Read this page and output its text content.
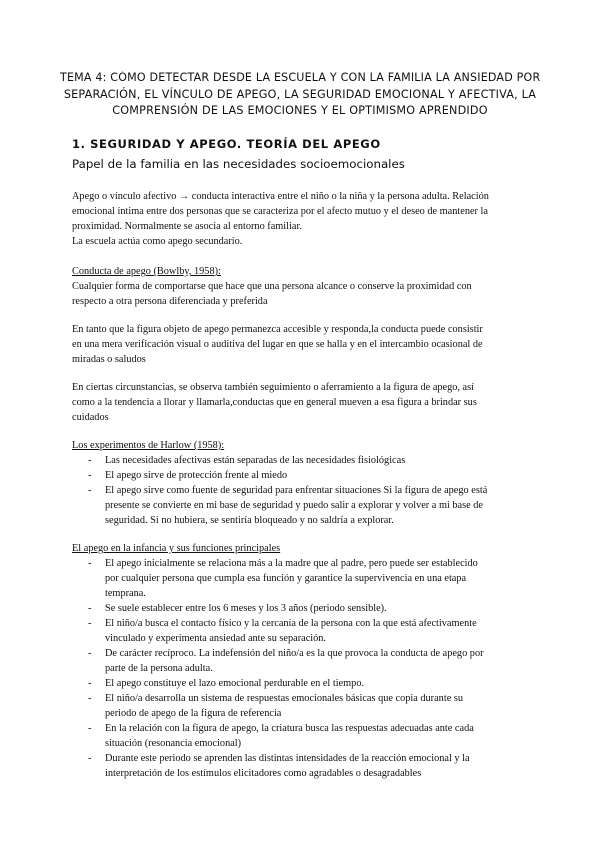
TEMA 4: CÓMO DETECTAR DESDE LA ESCUELA Y CON LA FAMILIA LA ANSIEDAD POR
SEPARACIÓN, EL VÍNCULO DE APEGO, LA SEGURIDAD EMOCIONAL Y AFECTIVA, LA
COMPRENSIÓN DE LAS EMOCIONES Y EL OPTIMISMO APRENDIDO
1. SEGURIDAD Y APEGO. TEORÍA DEL APEGO
Papel de la familia en las necesidades socioemocionales
Apego o vínculo afectivo → conducta interactiva entre el niño o la niña y la persona adulta. Relación
emocional íntima entre dos personas que se caracteriza por el afecto mutuo y el deseo de mantener la
proximidad. Normalmente se asocia al entorno familiar.
La escuela actúa como apego secundario.
Conducta de apego (Bowlby, 1958):
Cualquier forma de comportarse que hace que una persona alcance o conserve la proximidad con
respecto a otra persona diferenciada y preferida
En tanto que la figura objeto de apego permanezca accesible y responda,la conducta puede consistir
en una mera verificación visual o auditiva del lugar en que se halla y en el intercambio ocasional de
miradas o saludos
En ciertas circunstancias, se observa también seguimiento o aferramiento a la figura de apego, así
como a la tendencia a llorar y llamarla,conductas que en general mueven a esa figura a brindar sus
cuidados
Los experimentos de Harlow (1958):
- Las necesidades afectivas están separadas de las necesidades fisiológicas
- El apego sirve de protección frente al miedo
- El apego sirve como fuente de seguridad para enfrentar situaciones Si la figura de apego está
presente se convierte en mi base de seguridad y puedo salir a explorar y volver a mi base de
seguridad. Si no hubiera, se sentiría bloqueado y no saldría a explorar.
El apego en la infancia y sus funciones principales
- El apego inicialmente se relaciona más a la madre que al padre, pero puede ser establecido
por cualquier persona que cumpla esa función y garantice la supervivencia en una etapa
temprana.
- Se suele establecer entre los 6 meses y los 3 años (periodo sensible).
- El niño/a busca el contacto físico y la cercanía de la persona con la que está afectivamente
vinculado y experimenta ansiedad ante su separación.
- De carácter recíproco. La indefensión del niño/a es la que provoca la conducta de apego por
parte de la persona adulta.
- El apego constituye el lazo emocional perdurable en el tiempo.
- El niño/a desarrolla un sistema de respuestas emocionales básicas que copia durante su
periodo de apego de la figura de referencia
- En la relación con la figura de apego, la criatura busca las respuestas adecuadas ante cada
situación (resonancia emocional)
- Durante este periodo se aprenden las distintas intensidades de la reacción emocional y la
interpretación de los estímulos elicitadores como agradables o desagradables
